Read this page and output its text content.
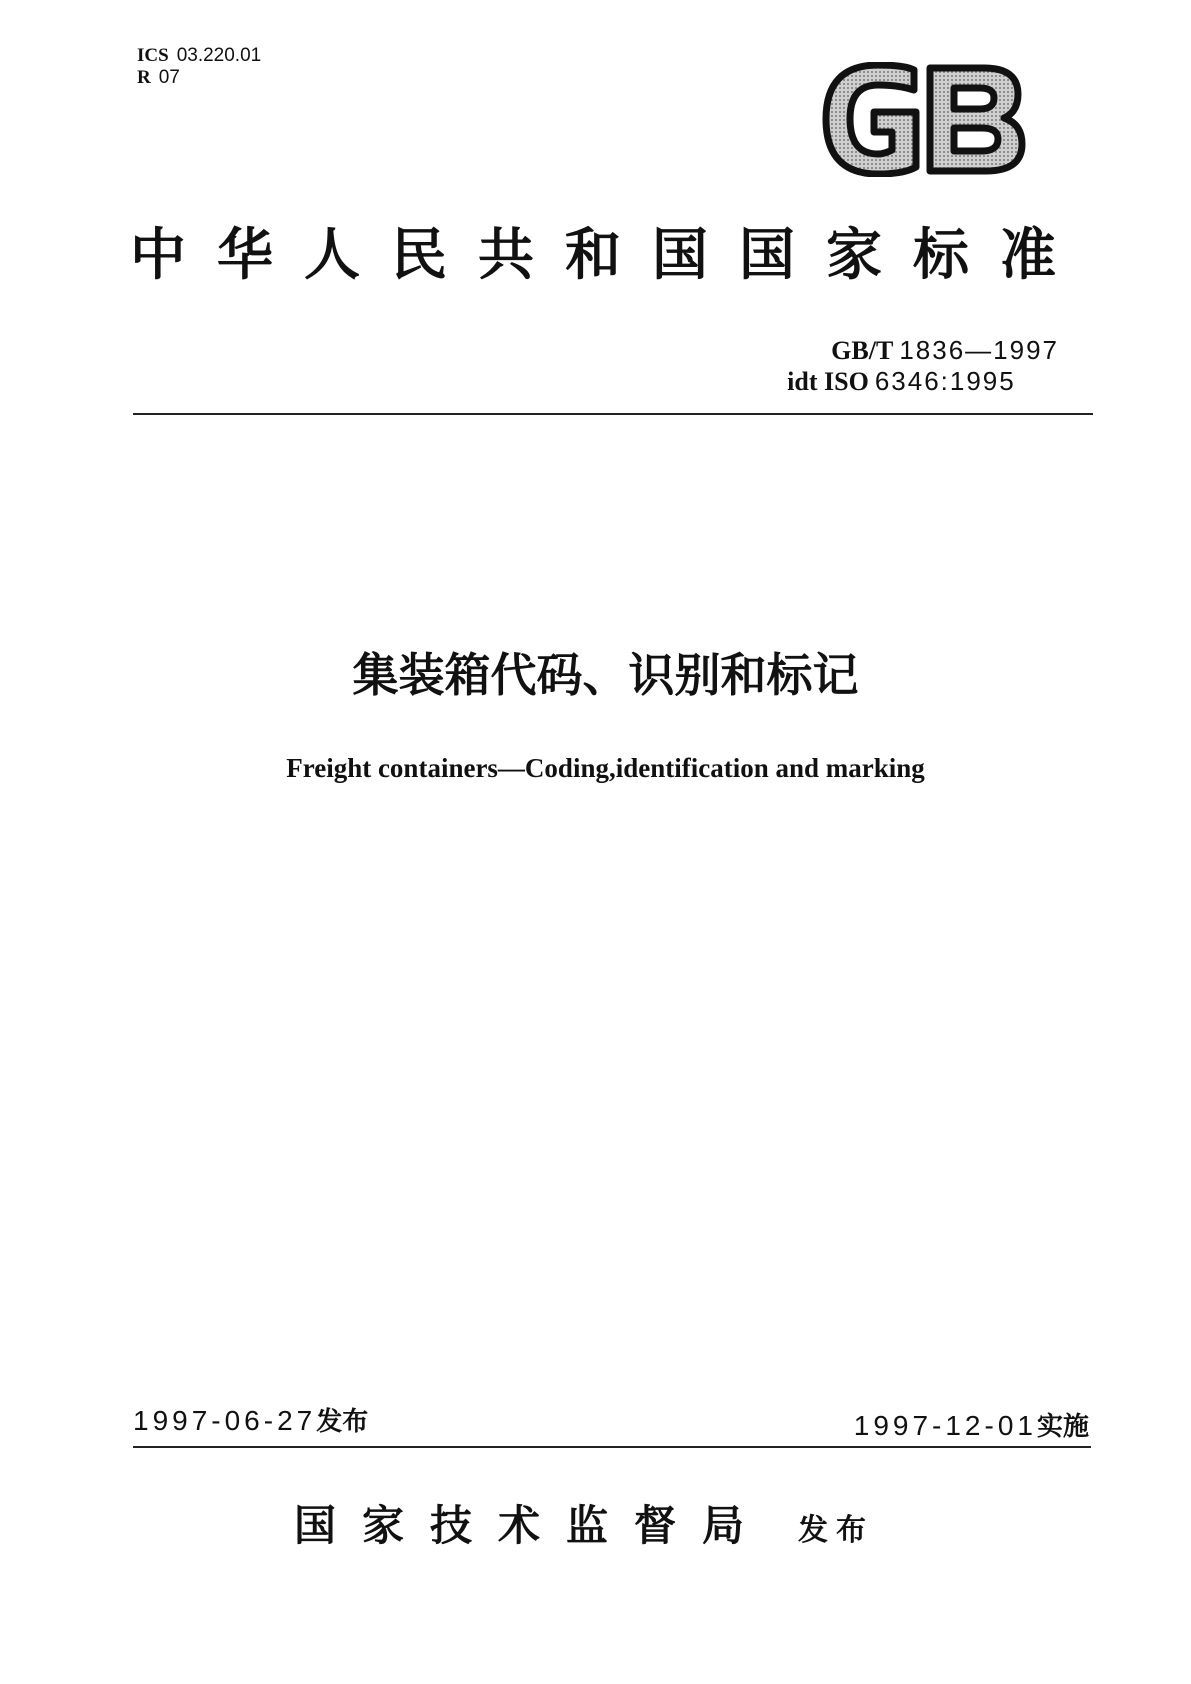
ICS 03.220.01
R 07
中华人民共和国国家标准
GB/T 1836—1997
idt ISO 6346:1995
集装箱代码、识别和标记
Freight containers—Coding,identification and marking
1997-06-27发布	1997-12-01实施
国家技术监督局 发布
